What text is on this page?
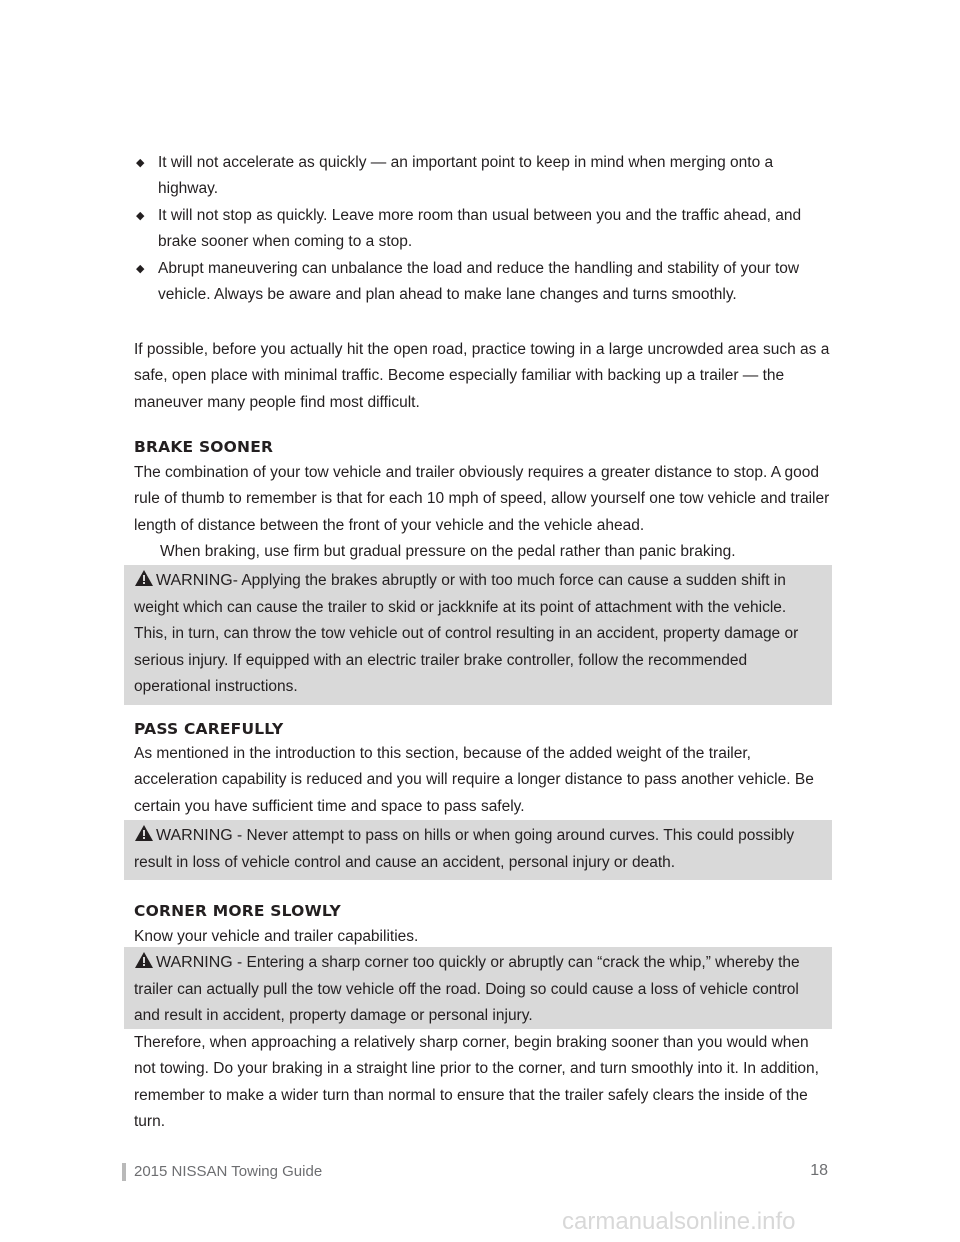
◆ It will not accelerate as quickly — an important point to keep in mind when merging onto a highway.
◆ It will not stop as quickly. Leave more room than usual between you and the traffic ahead, and brake sooner when coming to a stop.
◆ Abrupt maneuvering can unbalance the load and reduce the handling and stability of your tow vehicle. Always be aware and plan ahead to make lane changes and turns smoothly.
If possible, before you actually hit the open road, practice towing in a large uncrowded area such as a safe, open place with minimal traffic. Become especially familiar with backing up a trailer — the maneuver many people find most difficult.
BRAKE SOONER
The combination of your tow vehicle and trailer obviously requires a greater distance to stop. A good rule of thumb to remember is that for each 10 mph of speed, allow yourself one tow vehicle and trailer length of distance between the front of your vehicle and the vehicle ahead.
When braking, use firm but gradual pressure on the pedal rather than panic braking.
WARNING- Applying the brakes abruptly or with too much force can cause a sudden shift in weight which can cause the trailer to skid or jackknife at its point of attachment with the vehicle. This, in turn, can throw the tow vehicle out of control resulting in an accident, property damage or serious injury. If equipped with an electric trailer brake controller, follow the recommended operational instructions.
PASS CAREFULLY
As mentioned in the introduction to this section, because of the added weight of the trailer, acceleration capability is reduced and you will require a longer distance to pass another vehicle. Be certain you have sufficient time and space to pass safely.
WARNING - Never attempt to pass on hills or when going around curves. This could possibly result in loss of vehicle control and cause an accident, personal injury or death.
CORNER MORE SLOWLY
Know your vehicle and trailer capabilities.
WARNING - Entering a sharp corner too quickly or abruptly can “crack the whip,” whereby the trailer can actually pull the tow vehicle off the road. Doing so could cause a loss of vehicle control and result in accident, property damage or personal injury.
Therefore, when approaching a relatively sharp corner, begin braking sooner than you would when not towing. Do your braking in a straight line prior to the corner, and turn smoothly into it. In addition, remember to make a wider turn than normal to ensure that the trailer safely clears the inside of the turn.
2015 NISSAN Towing Guide	18
carmanualsonline.info
